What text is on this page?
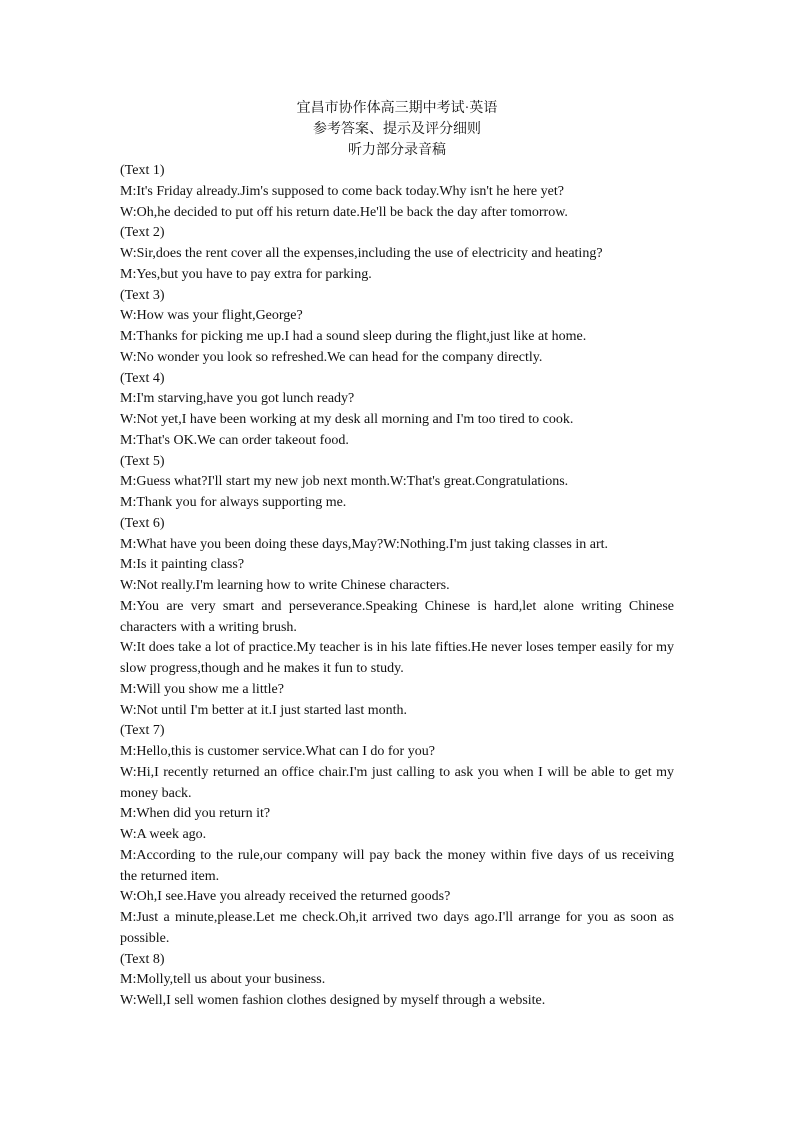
宜昌市协作体高三期中考试·英语
参考答案、提示及评分细则
听力部分录音稿
(Text 1)
M:It's Friday already.Jim's supposed to come back today.Why isn't he here yet?
W:Oh,he decided to put off his return date.He'll be back the day after tomorrow.
(Text 2)
W:Sir,does the rent cover all the expenses,including the use of electricity and heating?
M:Yes,but you have to pay extra for parking.
(Text 3)
W:How was your flight,George?
M:Thanks for picking me up.I had a sound sleep during the flight,just like at home.
W:No wonder you look so refreshed.We can head for the company directly.
(Text 4)
M:I'm starving,have you got lunch ready?
W:Not yet,I have been working at my desk all morning and I'm too tired to cook.
M:That's OK.We can order takeout food.
(Text 5)
M:Guess what?I'll start my new job next month.W:That's great.Congratulations.
M:Thank you for always supporting me.
(Text 6)
M:What have you been doing these days,May?W:Nothing.I'm just taking classes in art.
M:Is it painting class?
W:Not really.I'm learning how to write Chinese characters.
M:You are very smart and perseverance.Speaking Chinese is hard,let alone writing Chinese characters with a writing brush.
W:It does take a lot of practice.My teacher is in his late fifties.He never loses temper easily for my slow progress,though and he makes it fun to study.
M:Will you show me a little?
W:Not until I'm better at it.I just started last month.
(Text 7)
M:Hello,this is customer service.What can I do for you?
W:Hi,I recently returned an office chair.I'm just calling to ask you when I will be able to get my money back.
M:When did you return it?
W:A week ago.
M:According to the rule,our company will pay back the money within five days of us receiving the returned item.
W:Oh,I see.Have you already received the returned goods?
M:Just a minute,please.Let me check.Oh,it arrived two days ago.I'll arrange for you as soon as possible.
(Text 8)
M:Molly,tell us about your business.
W:Well,I sell women fashion clothes designed by myself through a website.
